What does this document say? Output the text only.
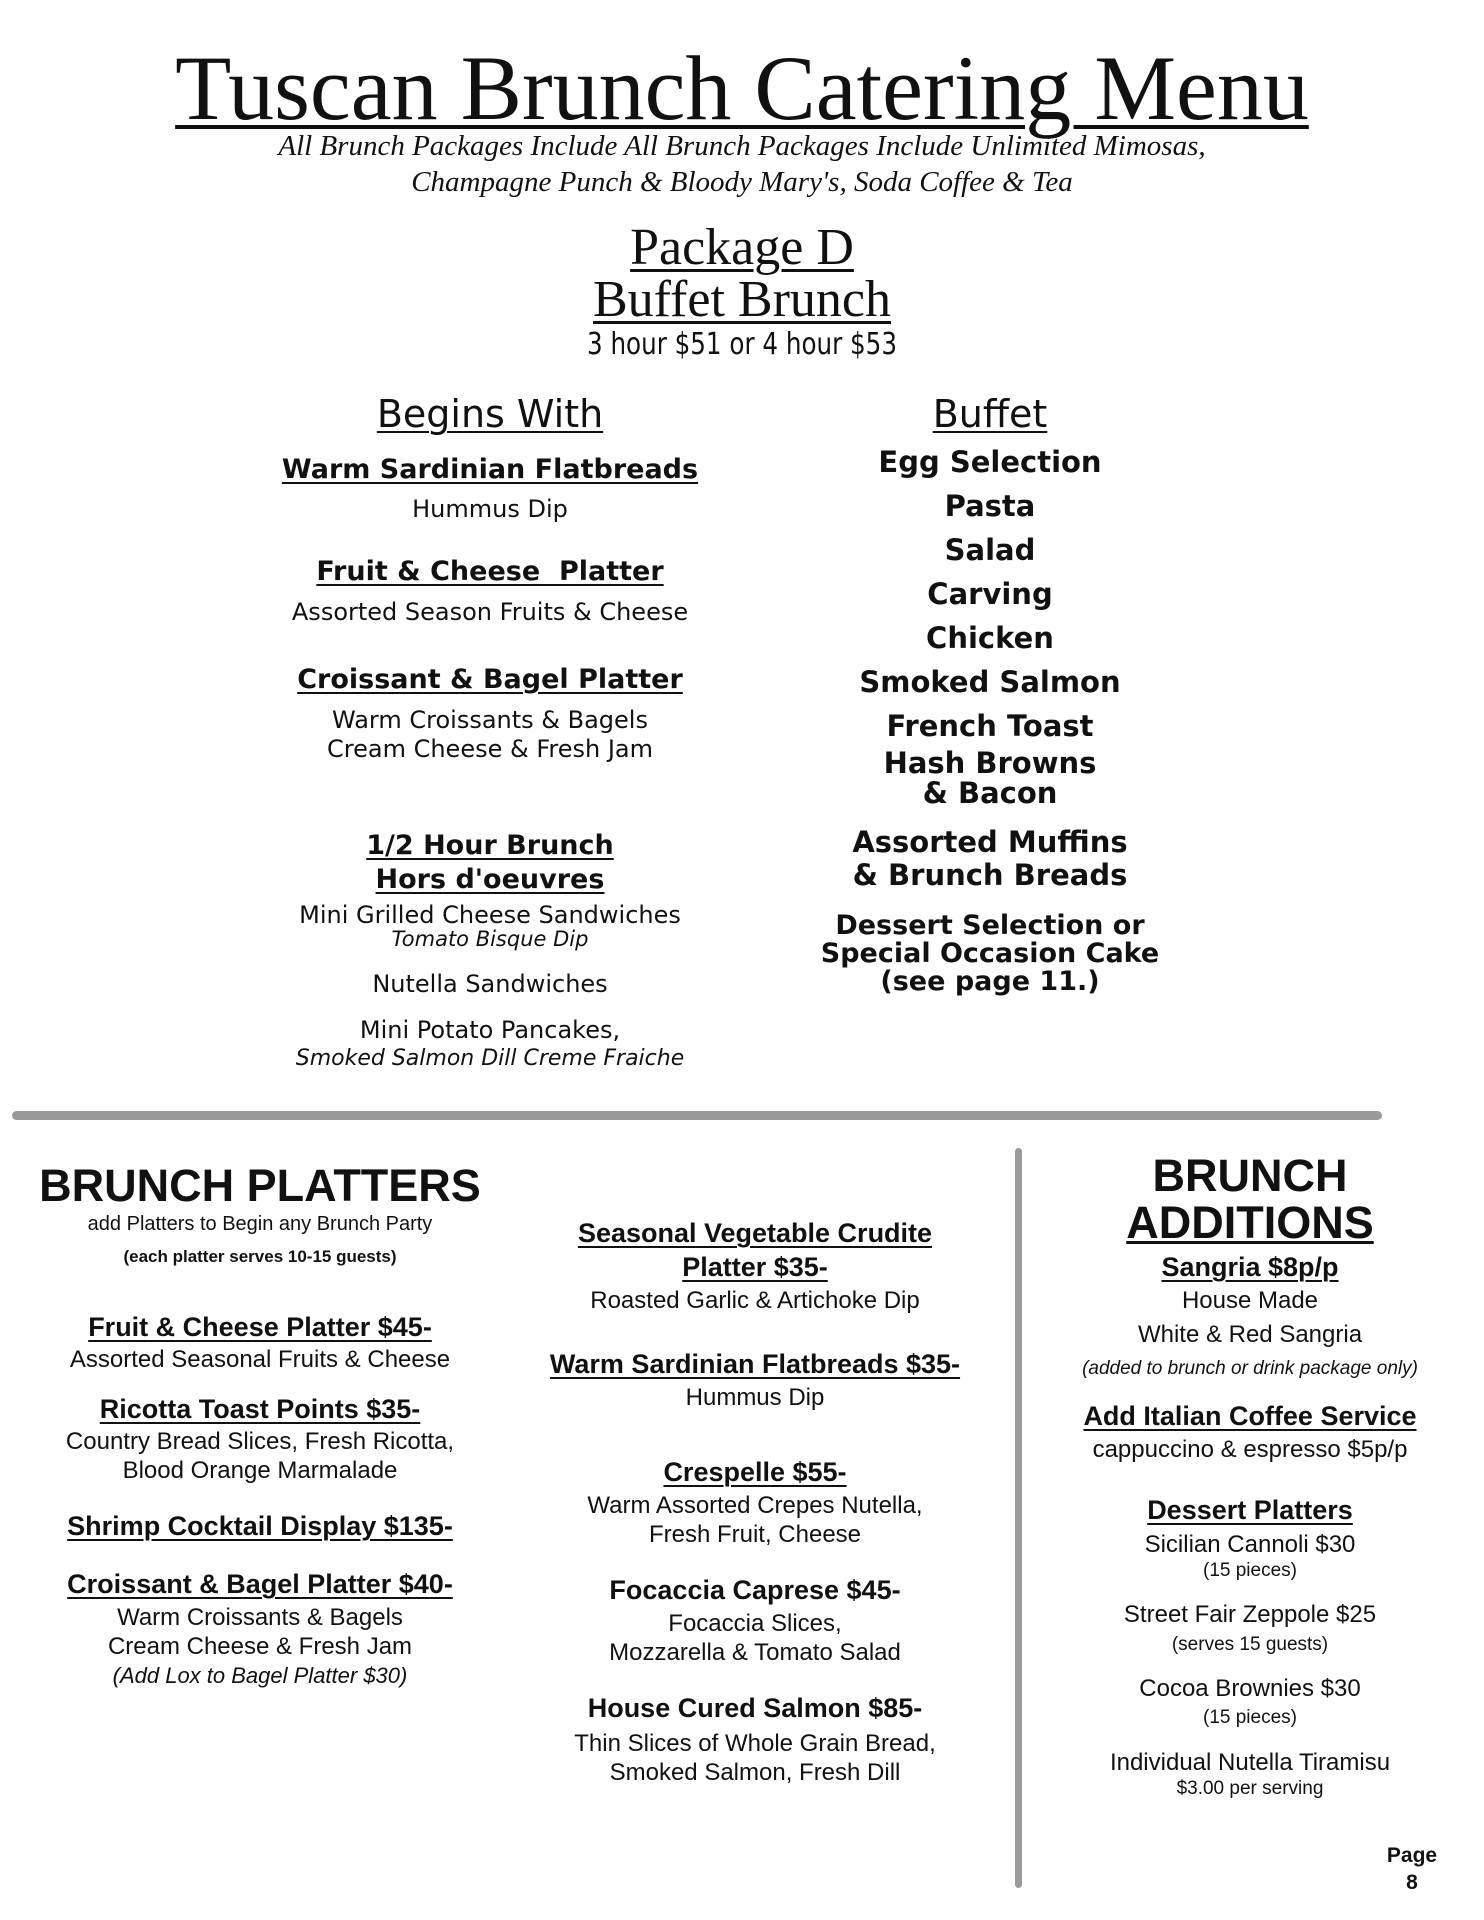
Tuscan Brunch Catering Menu
All Brunch Packages Include All Brunch Packages Include Unlimited Mimosas,
Champagne Punch & Bloody Mary's, Soda Coffee & Tea
Package D
Buffet Brunch
3 hour $51 or 4 hour $53
Begins With
Warm Sardinian Flatbreads
Hummus Dip
Fruit & Cheese  Platter
Assorted Season Fruits & Cheese
Croissant & Bagel Platter
Warm Croissants & Bagels
Cream Cheese & Fresh Jam
1/2 Hour Brunch
Hors d'oeuvres
Mini Grilled Cheese Sandwiches
Tomato Bisque Dip
Nutella Sandwiches
Mini Potato Pancakes,
Smoked Salmon Dill Creme Fraiche
Buffet
Egg Selection
Pasta
Salad
Carving
Chicken
Smoked Salmon
French Toast
Hash Browns
& Bacon
Assorted Muffins
& Brunch Breads
Dessert Selection or
Special Occasion Cake
(see page 11.)
BRUNCH PLATTERS
add Platters to Begin any Brunch Party
(each platter serves 10-15 guests)
Fruit & Cheese Platter $45-
Assorted Seasonal Fruits & Cheese
Ricotta Toast Points $35-
Country Bread Slices, Fresh Ricotta,
Blood Orange Marmalade
Shrimp Cocktail Display $135-
Croissant & Bagel Platter $40-
Warm Croissants & Bagels
Cream Cheese & Fresh Jam
(Add Lox to Bagel Platter $30)
Seasonal Vegetable Crudite
Platter $35-
Roasted Garlic & Artichoke Dip
Warm Sardinian Flatbreads $35-
Hummus Dip
Crespelle $55-
Warm Assorted Crepes Nutella,
Fresh Fruit, Cheese
Focaccia Caprese $45-
Focaccia Slices,
Mozzarella & Tomato Salad
House Cured Salmon $85-
Thin Slices of Whole Grain Bread,
Smoked Salmon, Fresh Dill
BRUNCH
ADDITIONS
Sangria $8p/p
House Made
White & Red Sangria
(added to brunch or drink package only)
Add Italian Coffee Service
cappuccino & espresso $5p/p
Dessert Platters
Sicilian Cannoli $30
(15 pieces)
Street Fair Zeppole $25
(serves 15 guests)
Cocoa Brownies $30
(15 pieces)
Individual Nutella Tiramisu
$3.00 per serving
Page
8
